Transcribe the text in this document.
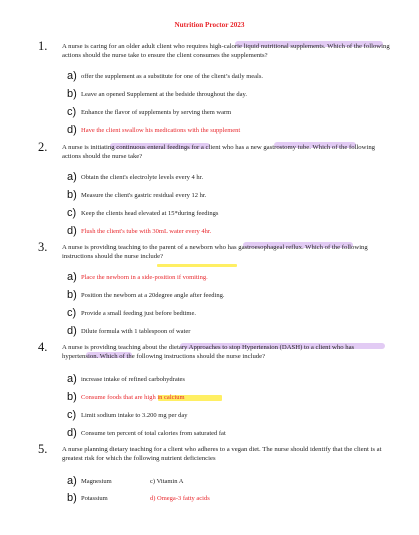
Nutrition Proctor 2023
1. A nurse is caring for an older adult client who requires high-calorie liquid nutritional supplements. Which of the following actions should the nurse take to ensure the client consumes the supplements?
a) offer the supplement as a substitute for one of the client’s daily meals.
b) Leave an opened Supplement at the bedside throughout the day.
c) Enhance the flavor of supplements by serving them warm
d) Have the client swallow his medications with the supplement
2. A nurse is initiating continuous enteral feedings for a client who has a new gastrostomy tube. Which of the following actions should the nurse take?
a) Obtain the client's electrolyte levels every 4 hr.
b) Measure the client's gastric residual every 12 hr.
c) Keep the clients head elevated at 15*during feedings
d) Flush the client's tube with 30mL water every 4hr.
3. A nurse is providing teaching to the parent of a newborn who has gastroesophageal reflux. Which of the following instructions should the nurse include?
a) Place the newborn in a side-position if vomiting.
b) Position the newborn at a 20degree angle after feeding.
c) Provide a small feeding just before bedtime.
d) Dilute formula with 1 tablespoon of water
4. A nurse is providing teaching about the dietary Approaches to stop Hypertension (DASH) to a client who has hypertension. Which of the following instructions should the nurse include?
a) increase intake of refined carbohydrates
b) Consume foods that are high in calcium
c) Limit sodium intake to 3.200 mg per day
d) Consume ten percent of total calories from saturated fat
5. A nurse planning dietary teaching for a client who adheres to a vegan diet. The nurse should identify that the client is at greatest risk for which the following nutrient deficiencies
a) Magnesium	c) Vitamin A
b) Potassium	d) Omega-3 fatty acids
